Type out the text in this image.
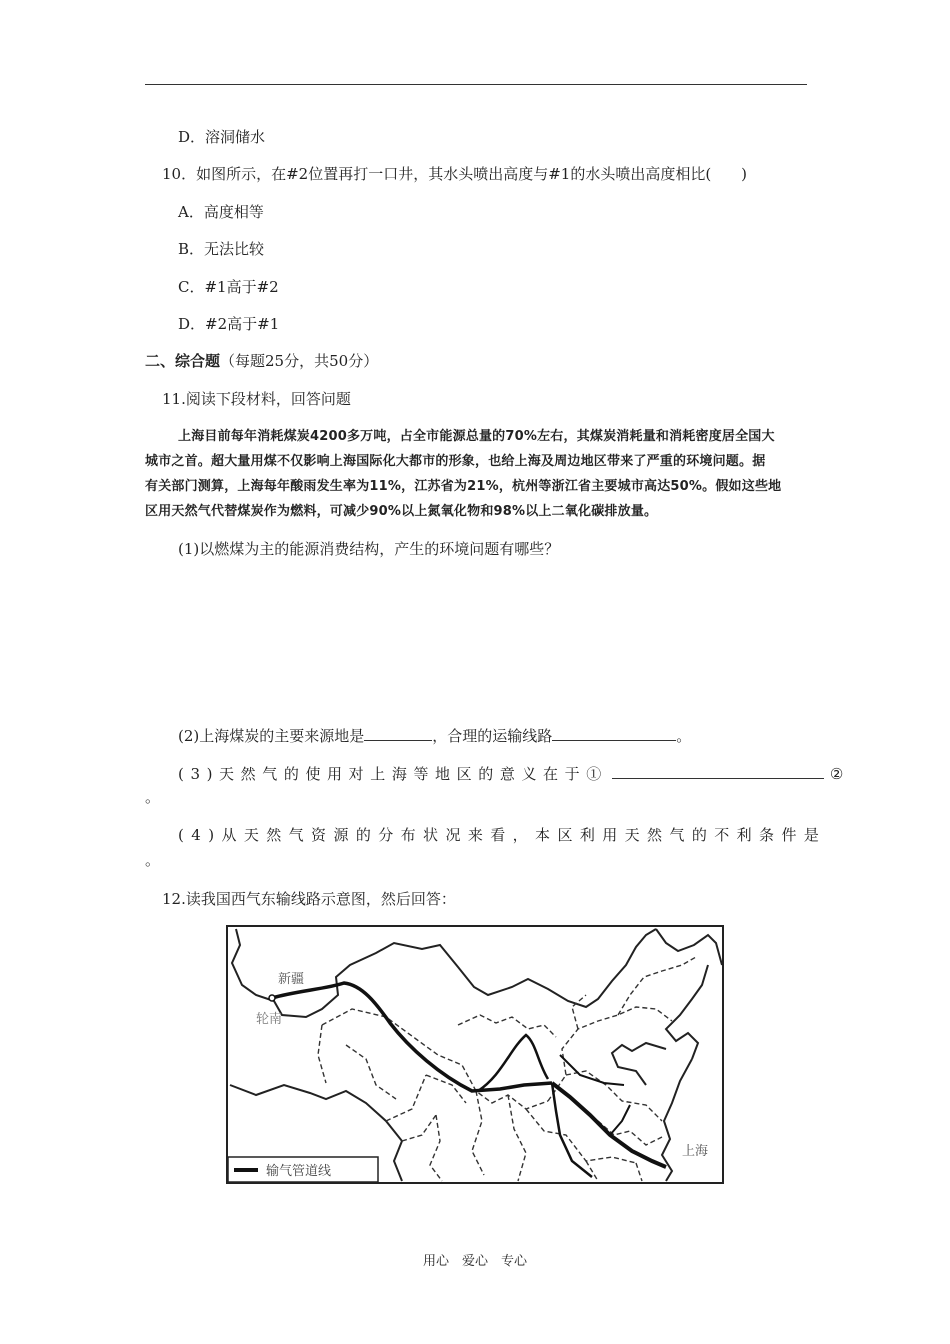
D．溶洞储水
10．如图所示，在#2位置再打一口井，其水头喷出高度与#1的水头喷出高度相比(　　)
A．高度相等
B．无法比较
C．#1高于#2
D．#2高于#1
二、综合题（每题25分，共50分）
11.阅读下段材料，回答问题
上海目前每年消耗煤炭4200多万吨，占全市能源总量的70%左右，其煤炭消耗量和消耗密度居全国大
城市之首。超大量用煤不仅影响上海国际化大都市的形象，也给上海及周边地区带来了严重的环境问题。据
有关部门测算，上海每年酸雨发生率为11%，江苏省为21%，杭州等浙江省主要城市高达50%。假如这些地
区用天然气代替煤炭作为燃料，可减少90%以上氮氧化物和98%以上二氧化碳排放量。
(1)以燃煤为主的能源消费结构，产生的环境问题有哪些？
(2)上海煤炭的主要来源地是	，合理的运输线路	。
(3)天然气的使用对上海等地区的意义在于①	②
。
(4)从天然气资源的分布状况来看，本区利用天然气的不利条件是
。
12.读我国西气东输线路示意图，然后回答：
新疆
轮南
上海
输气管道线
用心　爱心　专心
